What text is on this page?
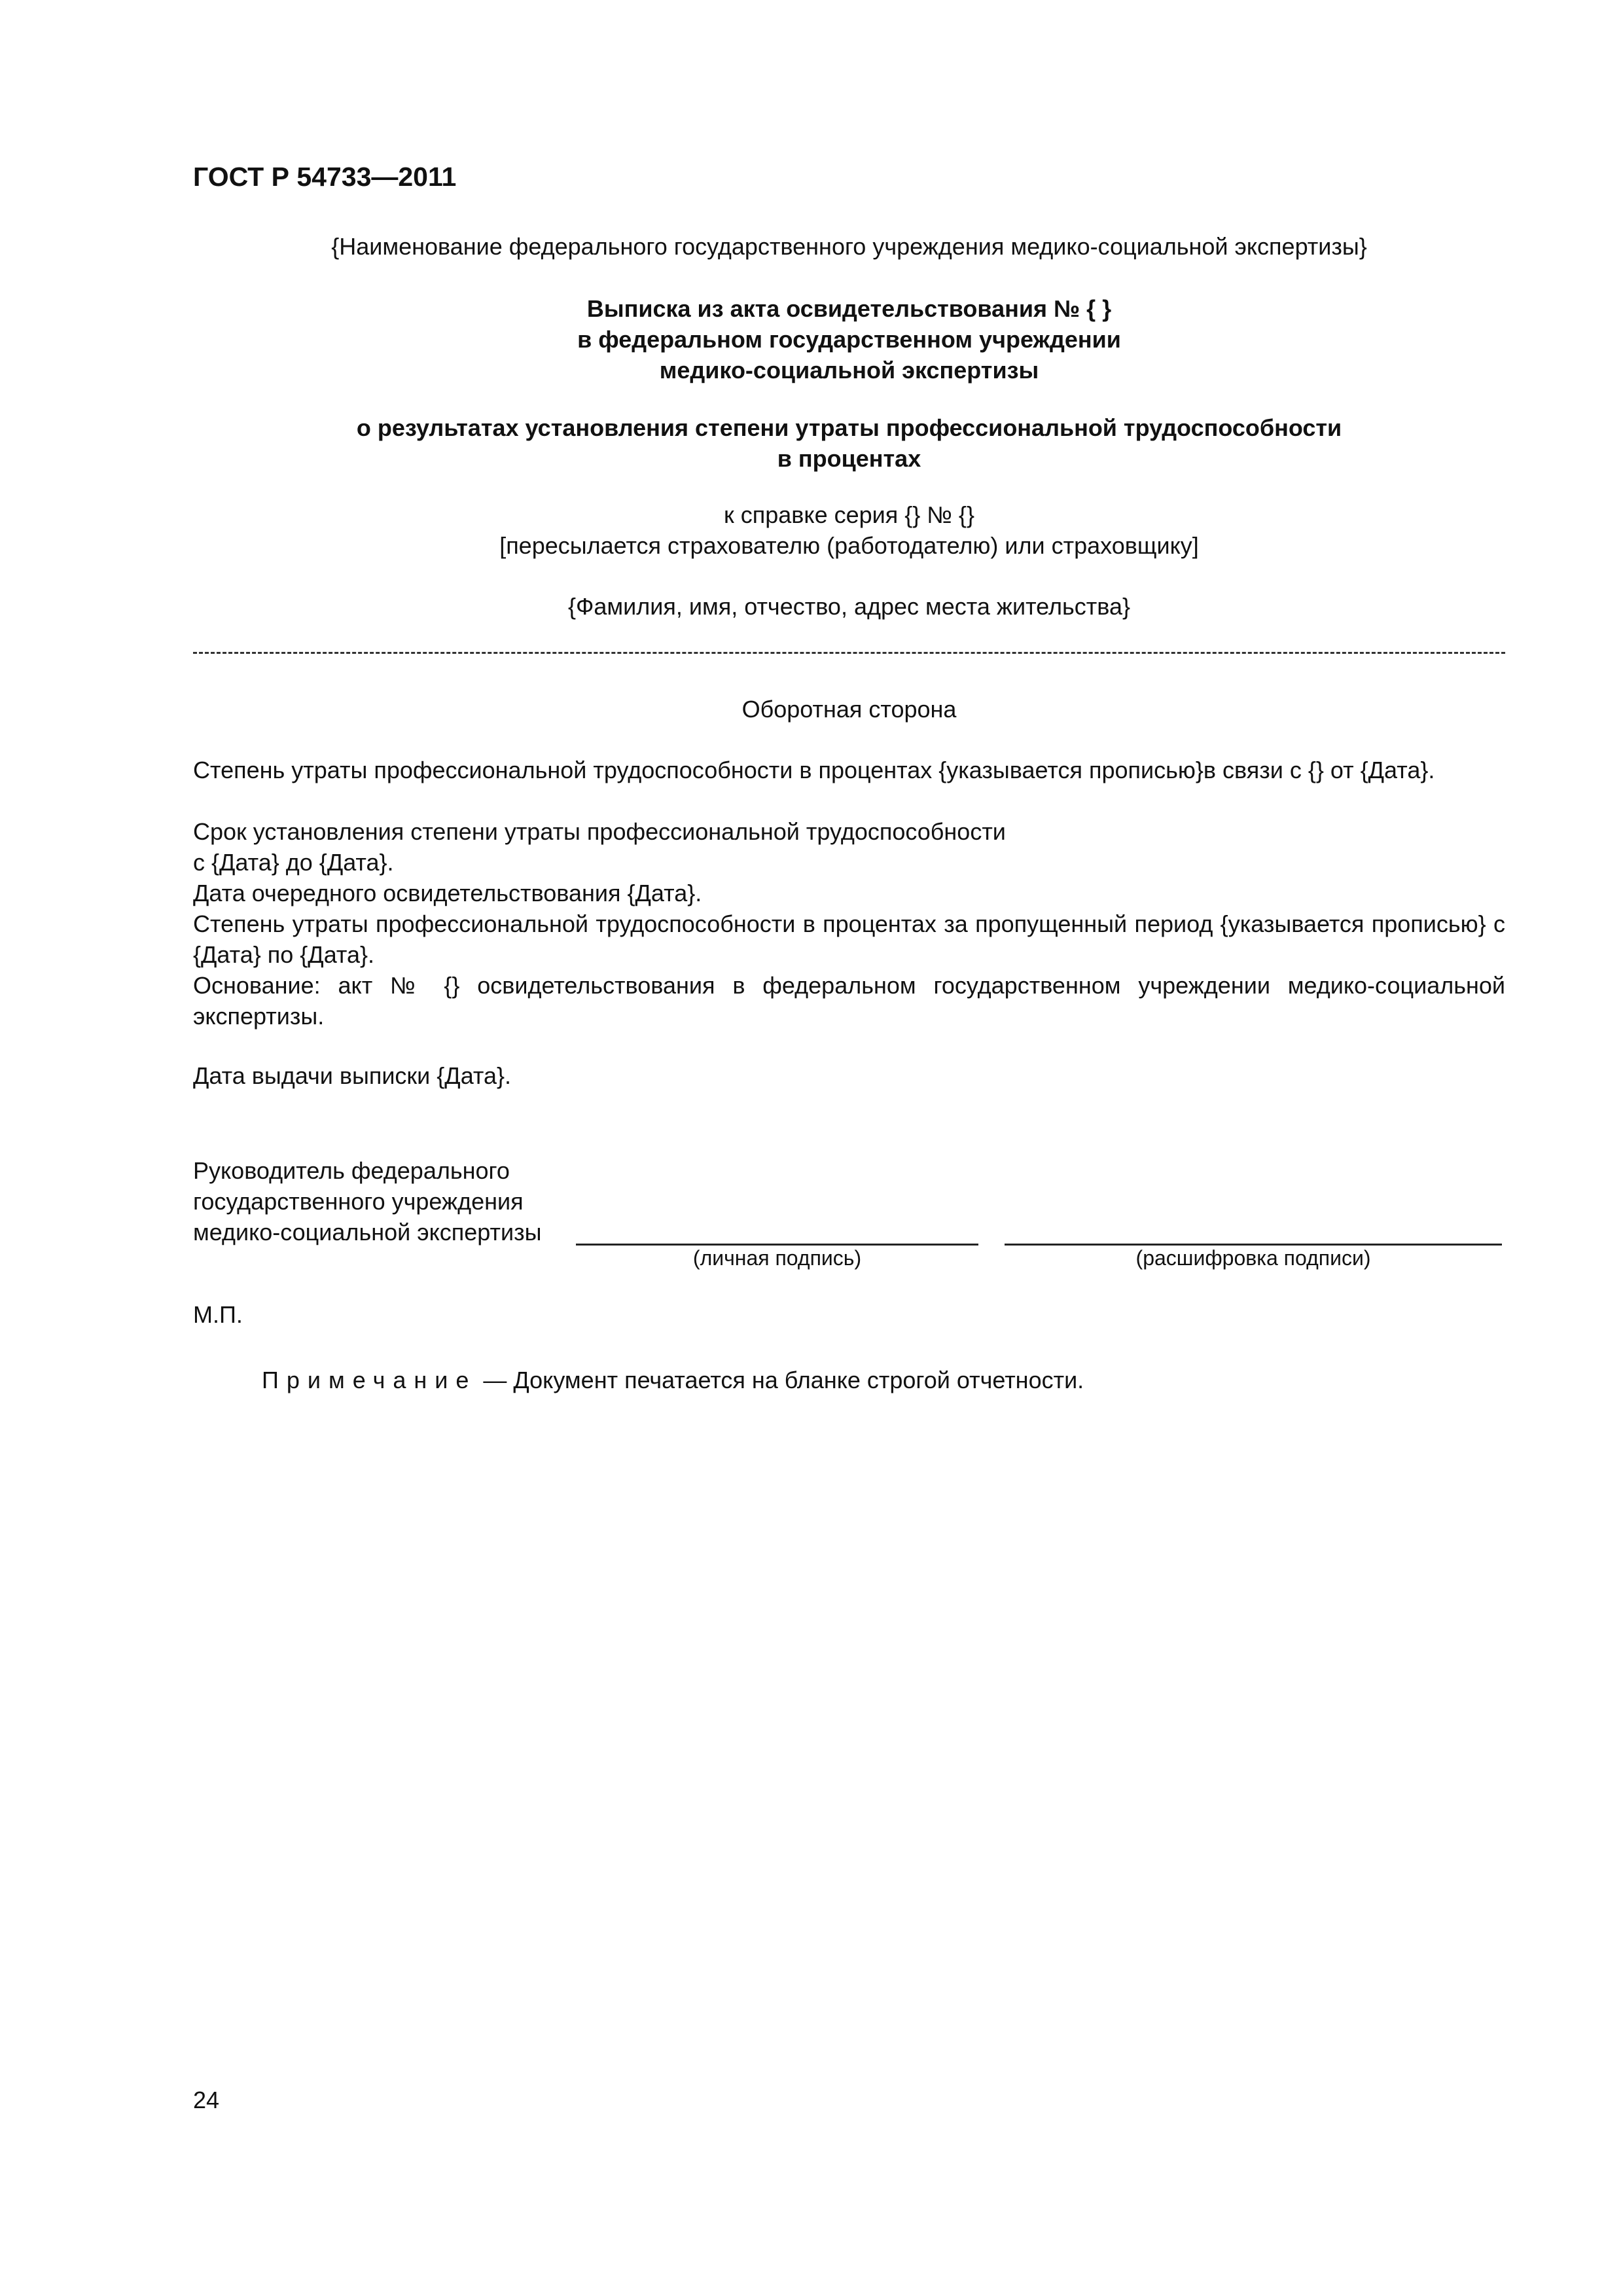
ГОСТ Р 54733—2011
{Наименование федерального государственного учреждения медико-социальной экспертизы}
Выписка из акта освидетельствования № { }
в федеральном государственном учреждении
медико-социальной экспертизы
о результатах установления степени утраты профессиональной трудоспособности
в процентах
к справке серия {} № {}
[пересылается страхователю (работодателю) или страховщику]
{Фамилия, имя, отчество, адрес места жительства}
Оборотная сторона
Степень утраты профессиональной трудоспособности в процентах {указывается прописью}в связи с {} от {Дата}.
Срок установления степени утраты профессиональной трудоспособности
с {Дата} до {Дата}.
Дата очередного освидетельствования {Дата}.
Степень утраты профессиональной трудоспособности в процентах за пропущенный период {указывается прописью} с {Дата} по {Дата}.
Основание: акт № {} освидетельствования в федеральном государственном учреждении медико-социальной экспертизы.
Дата выдачи выписки {Дата}.
Руководитель федерального
государственного учреждения
медико-социальной экспертизы
(личная подпись)	(расшифровка подписи)
М.П.
Примечание — Документ печатается на бланке строгой отчетности.
24
